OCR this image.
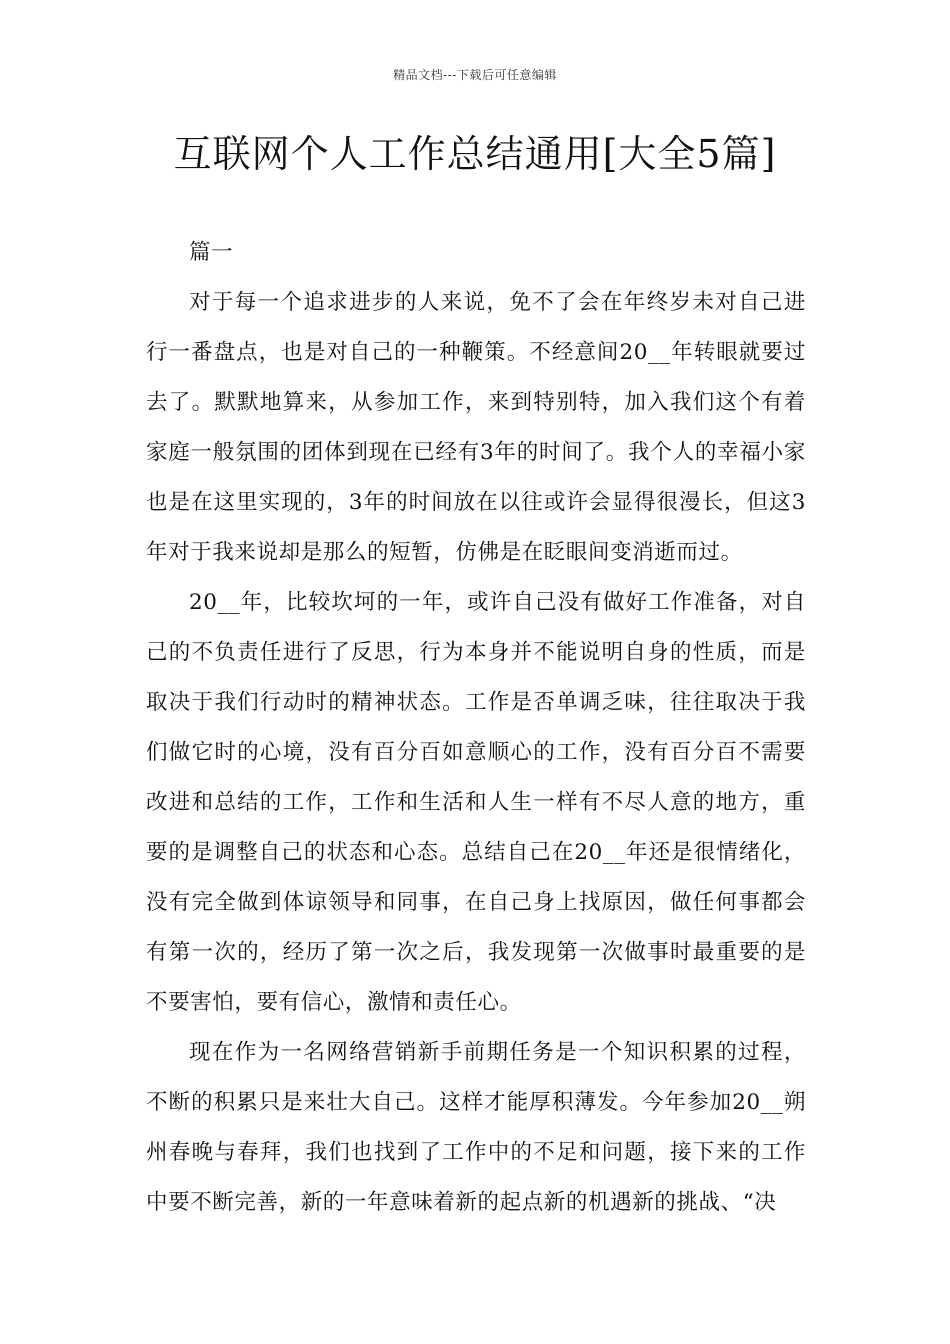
精品文档---下载后可任意编辑
互联网个人工作总结通用[大全5篇]
篇一

对于每一个追求进步的人来说，免不了会在年终岁未对自己进行一番盘点，也是对自己的一种鞭策。不经意间20__年转眼就要过去了。默默地算来，从参加工作，来到特别特，加入我们这个有着家庭一般氛围的团体到现在已经有3年的时间了。我个人的幸福小家也是在这里实现的，3年的时间放在以往或许会显得很漫长，但这3年对于我来说却是那么的短暂，仿佛是在眨眼间变消逝而过。

20__年，比较坎坷的一年，或许自己没有做好工作准备，对自己的不负责任进行了反思，行为本身并不能说明自身的性质，而是取决于我们行动时的精神状态。工作是否单调乏味，往往取决于我们做它时的心境，没有百分百如意顺心的工作，没有百分百不需要改进和总结的工作，工作和生活和人生一样有不尽人意的地方，重要的是调整自己的状态和心态。总结自己在20__年还是很情绪化，没有完全做到体谅领导和同事，在自己身上找原因，做任何事都会有第一次的，经历了第一次之后，我发现第一次做事时最重要的是不要害怕，要有信心，激情和责任心。

现在作为一名网络营销新手前期任务是一个知识积累的过程，不断的积累只是来壮大自己。这样才能厚积薄发。今年参加20__朔州春晚与春拜，我们也找到了工作中的不足和问题，接下来的工作中要不断完善，新的一年意味着新的起点新的机遇新的挑战、“决
